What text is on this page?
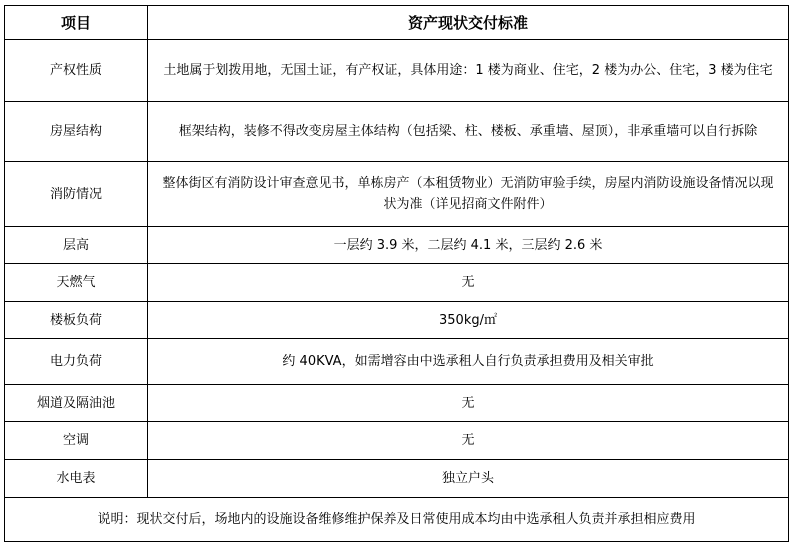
项目	资产现状交付标准
产权性质	土地属于划拨用地，无国土证，有产权证，具体用途：1 楼为商业、住宅，2 楼为办公、住宅，3 楼为住宅
房屋结构	框架结构，装修不得改变房屋主体结构（包括梁、柱、楼板、承重墙、屋顶），非承重墙可以自行拆除
消防情况	整体街区有消防设计审查意见书，单栋房产（本租赁物业）无消防审验手续，房屋内消防设施设备情况以现状为准（详见招商文件附件）
层高	一层约 3.9 米，二层约 4.1 米，三层约 2.6 米
天燃气	无
楼板负荷	350kg/㎡
电力负荷	约 40KVA，如需增容由中选承租人自行负责承担费用及相关审批
烟道及隔油池	无
空调	无
水电表	独立户头
说明：现状交付后，场地内的设施设备维修维护保养及日常使用成本均由中选承租人负责并承担相应费用	
